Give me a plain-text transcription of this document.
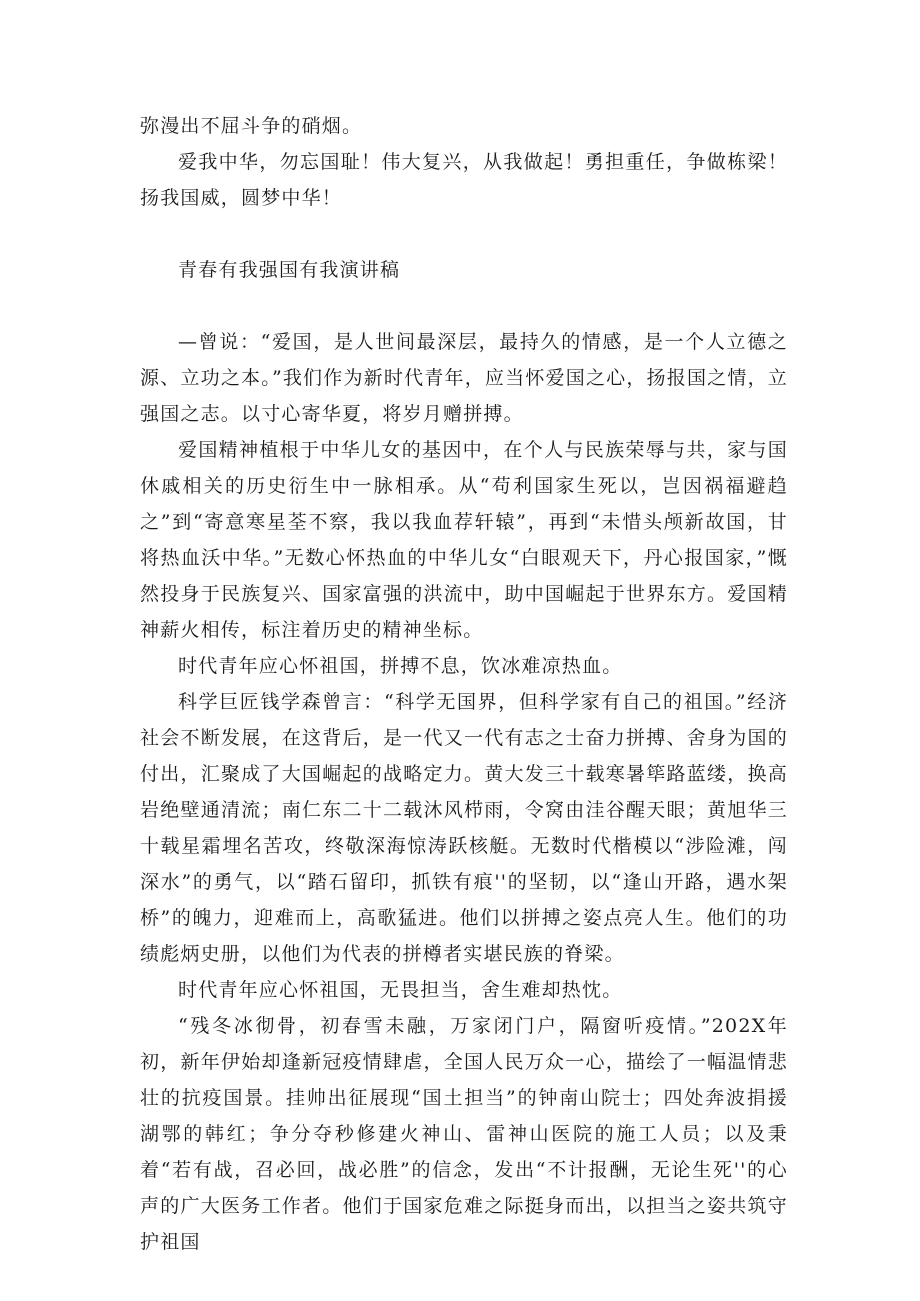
弥漫出不屈斗争的硝烟。

爱我中华，勿忘国耻！伟大复兴，从我做起！勇担重任，争做栋梁！扬我国威，圆梦中华！

青春有我强国有我演讲稿

—曾说：“爱国，是人世间最深层，最持久的情感，是一个人立德之源、立功之本。”我们作为新时代青年，应当怀爱国之心，扬报国之情，立强国之志。以寸心寄华夏，将岁月赠拼搏。

爱国精神植根于中华儿女的基因中，在个人与民族荣辱与共，家与国休戚相关的历史衍生中一脉相承。从“苟利国家生死以，岂因祸福避趋之”到“寄意寒星荃不察，我以我血荐轩辕”，再到“未惜头颅新故国，甘将热血沃中华。”无数心怀热血的中华儿女“白眼观天下，丹心报国家，”慨然投身于民族复兴、国家富强的洪流中，助中国崛起于世界东方。爱国精神薪火相传，标注着历史的精神坐标。

时代青年应心怀祖国，拼搏不息，饮冰难凉热血。

科学巨匠钱学森曾言：“科学无国界，但科学家有自己的祖国。”经济社会不断发展，在这背后，是一代又一代有志之士奋力拼搏、舍身为国的付出，汇聚成了大国崛起的战略定力。黄大发三十载寒暑筚路蓝缕，换高岩绝壁通清流；南仁东二十二载沐风栉雨，令窝由洼谷醒天眼；黄旭华三十载星霜埋名苦攻，终敬深海惊涛跃核艇。无数时代楷模以“涉险滩，闯深水”的勇气，以“踏石留印，抓铁有痕''的坚韧，以“逢山开路，遇水架桥”的魄力，迎难而上，高歌猛进。他们以拼搏之姿点亮人生。他们的功绩彪炳史册，以他们为代表的拼樽者实堪民族的脊梁。

时代青年应心怀祖国，无畏担当，舍生难却热忱。

“残冬冰彻骨，初春雪未融，万家闭门户，隔窗听疫情。”202X年初，新年伊始却逢新冠疫情肆虐，全国人民万众一心，描绘了一幅温情悲壮的抗疫国景。挂帅出征展现“国土担当”的钟南山院士；四处奔波捐援湖鄂的韩红；争分夺秒修建火神山、雷神山医院的施工人员；以及秉着“若有战，召必回，战必胜”的信念，发出“不计报酬，无论生死''的心声的广大医务工作者。他们于国家危难之际挺身而出，以担当之姿共筑守护祖国
